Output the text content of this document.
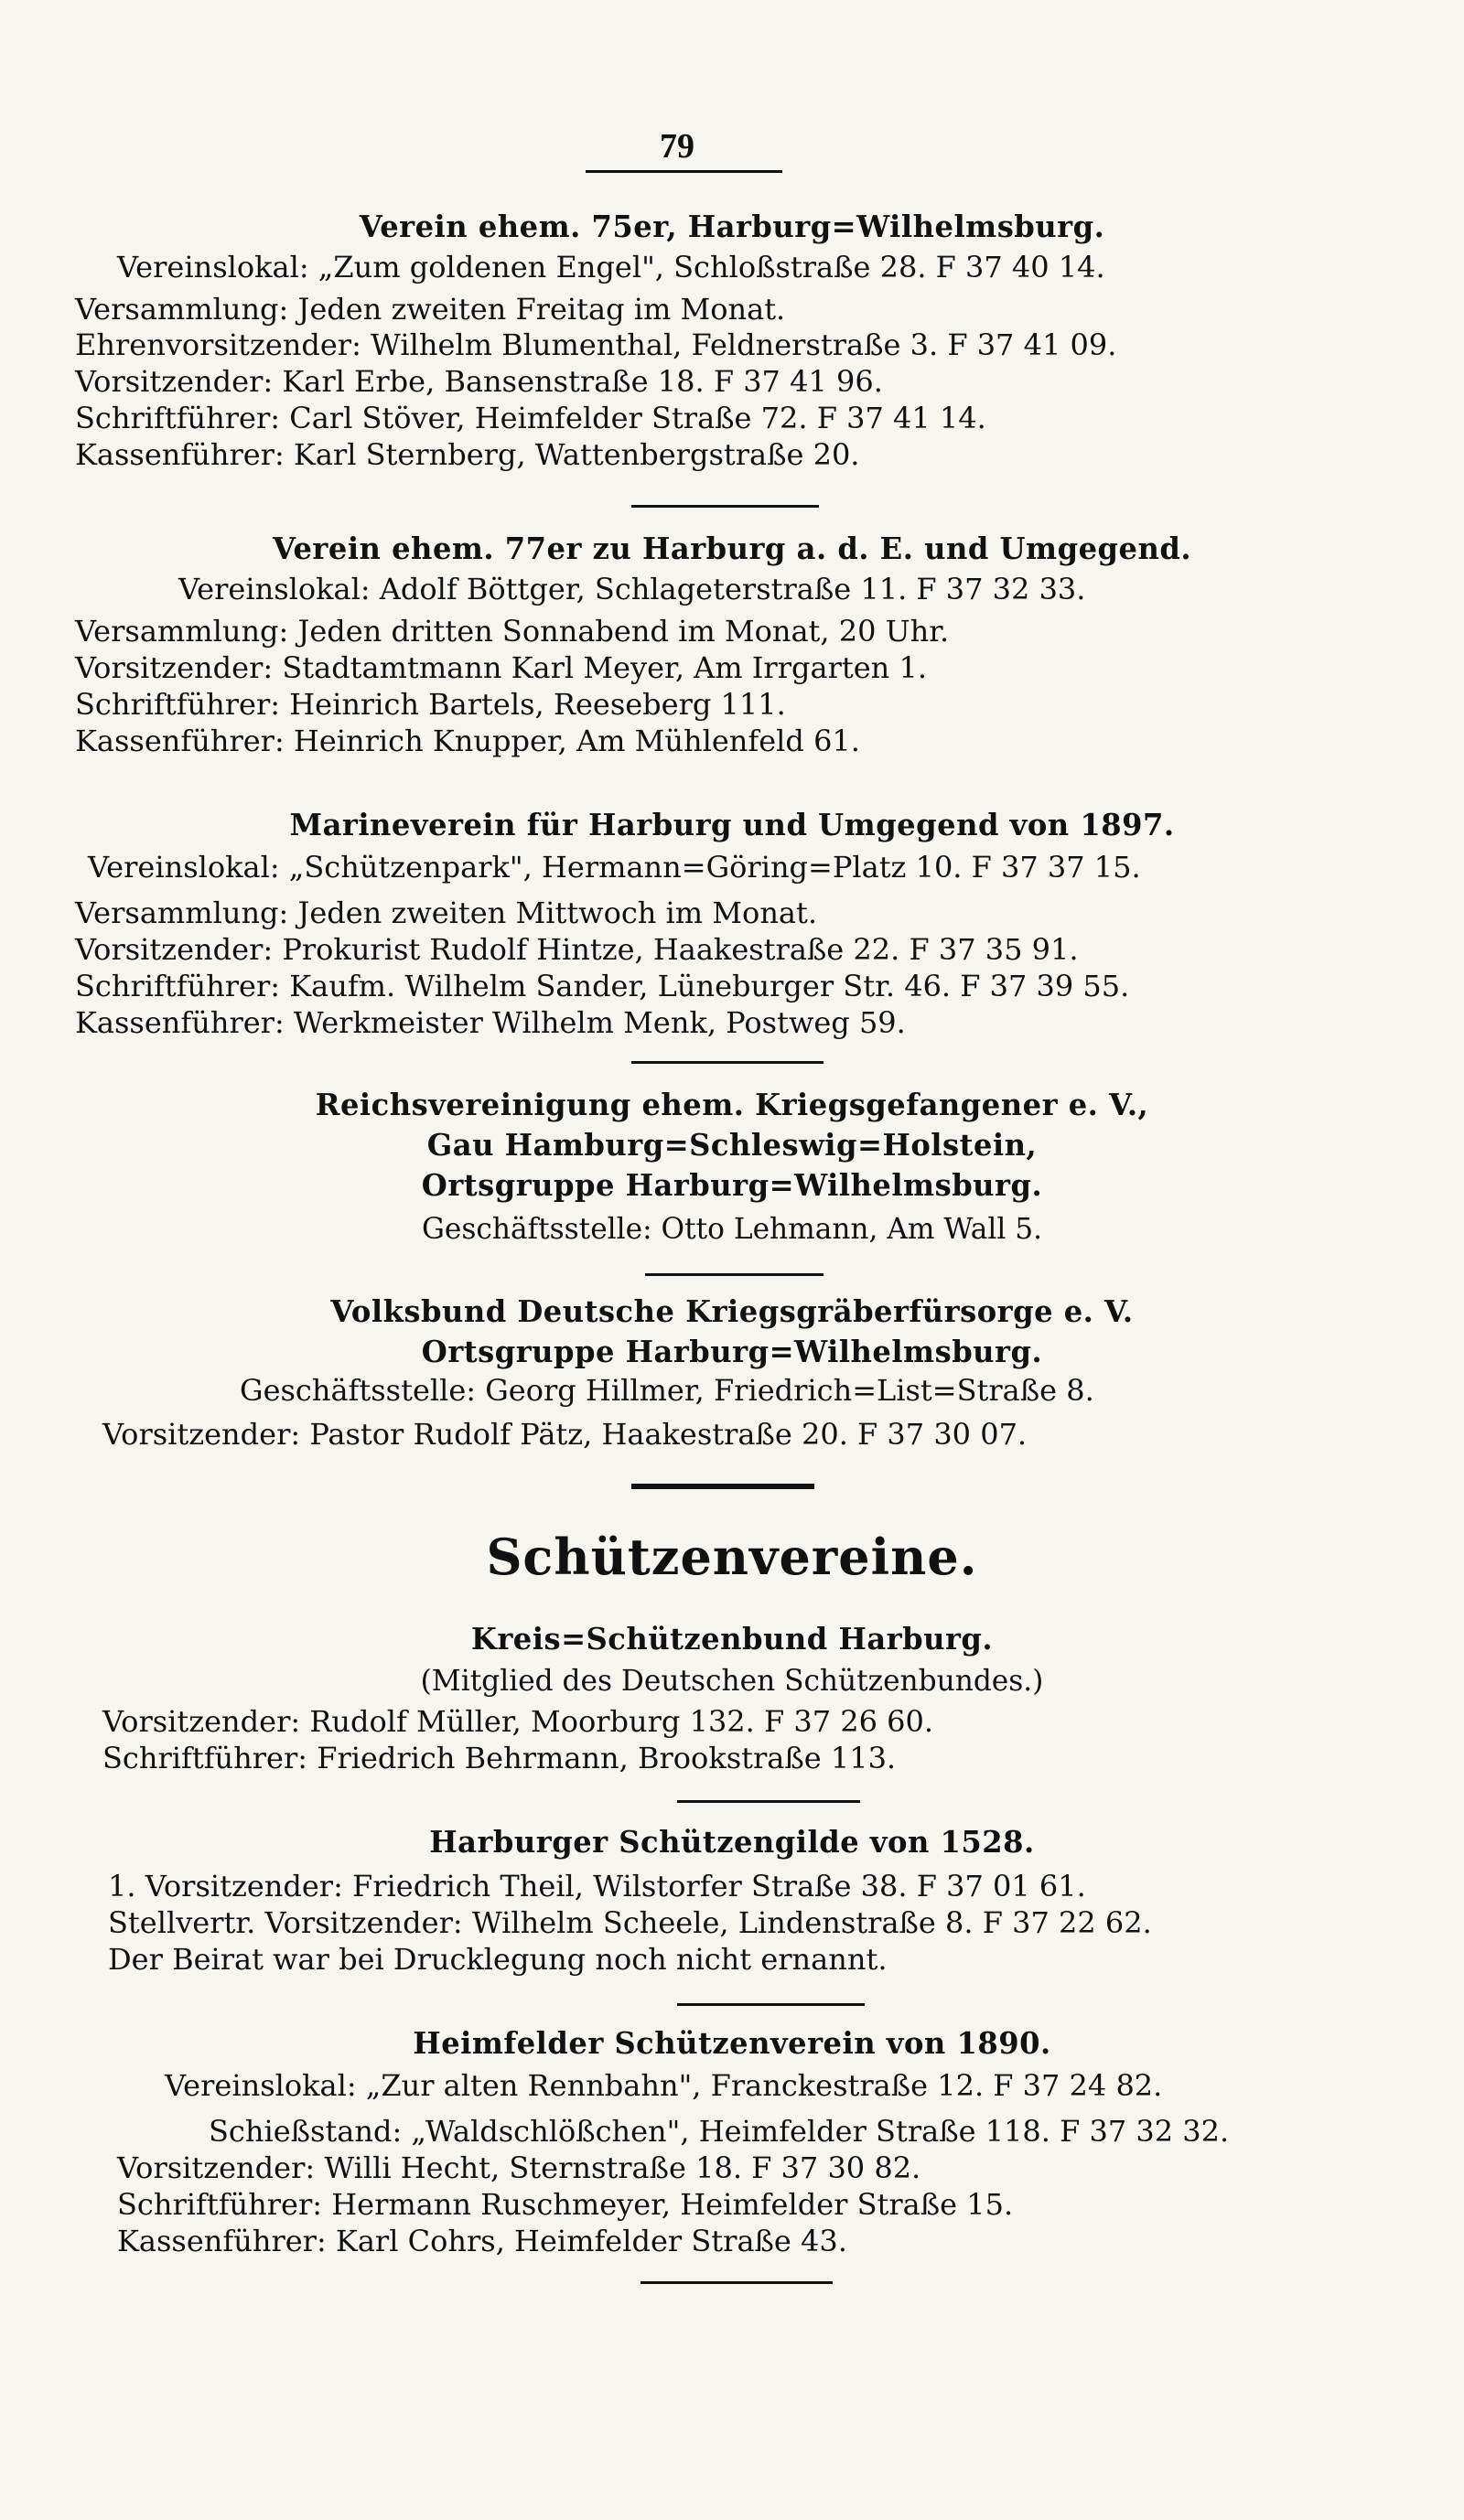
79
Verein ehem. 75er, Harburg=Wilhelmsburg.
Vereinslokal: „Zum goldenen Engel", Schloßstraße 28. F 37 40 14.
Versammlung: Jeden zweiten Freitag im Monat.
Ehrenvorsitzender: Wilhelm Blumenthal, Feldnerstraße 3. F 37 41 09.
Vorsitzender: Karl Erbe, Bansenstraße 18. F 37 41 96.
Schriftführer: Carl Stöver, Heimfelder Straße 72. F 37 41 14.
Kassenführer: Karl Sternberg, Wattenbergstraße 20.
Verein ehem. 77er zu Harburg a. d. E. und Umgegend.
Vereinslokal: Adolf Böttger, Schlageterstraße 11. F 37 32 33.
Versammlung: Jeden dritten Sonnabend im Monat, 20 Uhr.
Vorsitzender: Stadtamtmann Karl Meyer, Am Irrgarten 1.
Schriftführer: Heinrich Bartels, Reeseberg 111.
Kassenführer: Heinrich Knupper, Am Mühlenfeld 61.
Marineverein für Harburg und Umgegend von 1897.
Vereinslokal: „Schützenpark", Hermann=Göring=Platz 10. F 37 37 15.
Versammlung: Jeden zweiten Mittwoch im Monat.
Vorsitzender: Prokurist Rudolf Hintze, Haakestraße 22. F 37 35 91.
Schriftführer: Kaufm. Wilhelm Sander, Lüneburger Str. 46. F 37 39 55.
Kassenführer: Werkmeister Wilhelm Menk, Postweg 59.
Reichsvereinigung ehem. Kriegsgefangener e. V.,
Gau Hamburg=Schleswig=Holstein,
Ortsgruppe Harburg=Wilhelmsburg.
Geschäftsstelle: Otto Lehmann, Am Wall 5.
Volksbund Deutsche Kriegsgräberfürsorge e. V.
Ortsgruppe Harburg=Wilhelmsburg.
Geschäftsstelle: Georg Hillmer, Friedrich=List=Straße 8.
Vorsitzender: Pastor Rudolf Pätz, Haakestraße 20. F 37 30 07.
Schützenvereine.
Kreis=Schützenbund Harburg.
(Mitglied des Deutschen Schützenbundes.)
Vorsitzender: Rudolf Müller, Moorburg 132. F 37 26 60.
Schriftführer: Friedrich Behrmann, Brookstraße 113.
Harburger Schützengilde von 1528.
1. Vorsitzender: Friedrich Theil, Wilstorfer Straße 38. F 37 01 61.
Stellvertr. Vorsitzender: Wilhelm Scheele, Lindenstraße 8. F 37 22 62.
Der Beirat war bei Drucklegung noch nicht ernannt.
Heimfelder Schützenverein von 1890.
Vereinslokal: „Zur alten Rennbahn", Franckestraße 12. F 37 24 82.
Schießstand: „Waldschlößchen", Heimfelder Straße 118. F 37 32 32.
Vorsitzender: Willi Hecht, Sternstraße 18. F 37 30 82.
Schriftführer: Hermann Ruschmeyer, Heimfelder Straße 15.
Kassenführer: Karl Cohrs, Heimfelder Straße 43.
